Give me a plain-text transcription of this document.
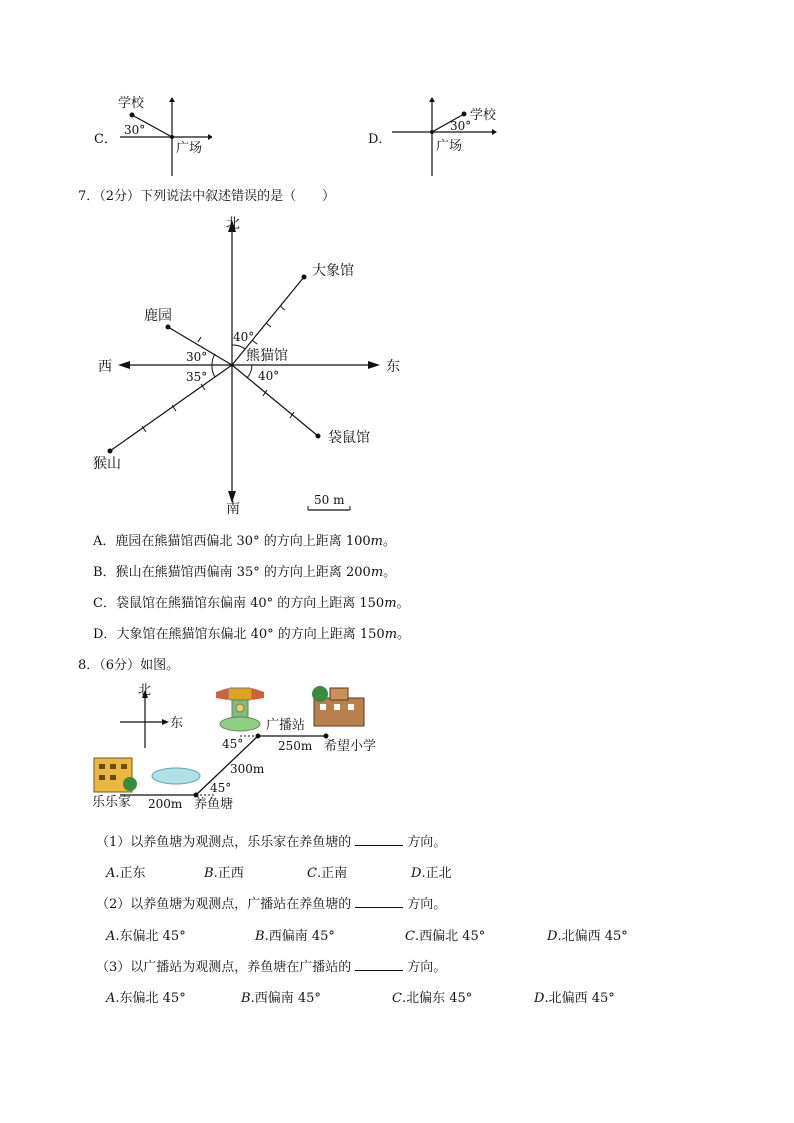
C．
学校
30°
广场
D．
学校
30°
广场
7．（2分）下列说法中叙述错误的是（　　）
北
南
西	东
大象馆
鹿园
熊猫馆
袋鼠馆
猴山
40°
30°
35°	40°
50 m
A．鹿园在熊猫馆西偏北 30° 的方向上距离 100m。
B．猴山在熊猫馆西偏南 35° 的方向上距离 200m。
C．袋鼠馆在熊猫馆东偏南 40° 的方向上距离 150m。
D．大象馆在熊猫馆东偏北 40° 的方向上距离 150m。
8．（6分）如图。
北
东	广播站
希望小学
乐乐家	养鱼塘
250m
300m
200m
45°
45°
（1）以养鱼塘为观测点，乐乐家在养鱼塘的	方向。
A.正东	B.正西	C.正南	D.正北
（2）以养鱼塘为观测点，广播站在养鱼塘的	方向。
A.东偏北 45°	B.西偏南 45°	C.西偏北 45°	D.北偏西 45°
（3）以广播站为观测点，养鱼塘在广播站的	方向。
A.东偏北 45°	B.西偏南 45°	C.北偏东 45°	D.北偏西 45°
